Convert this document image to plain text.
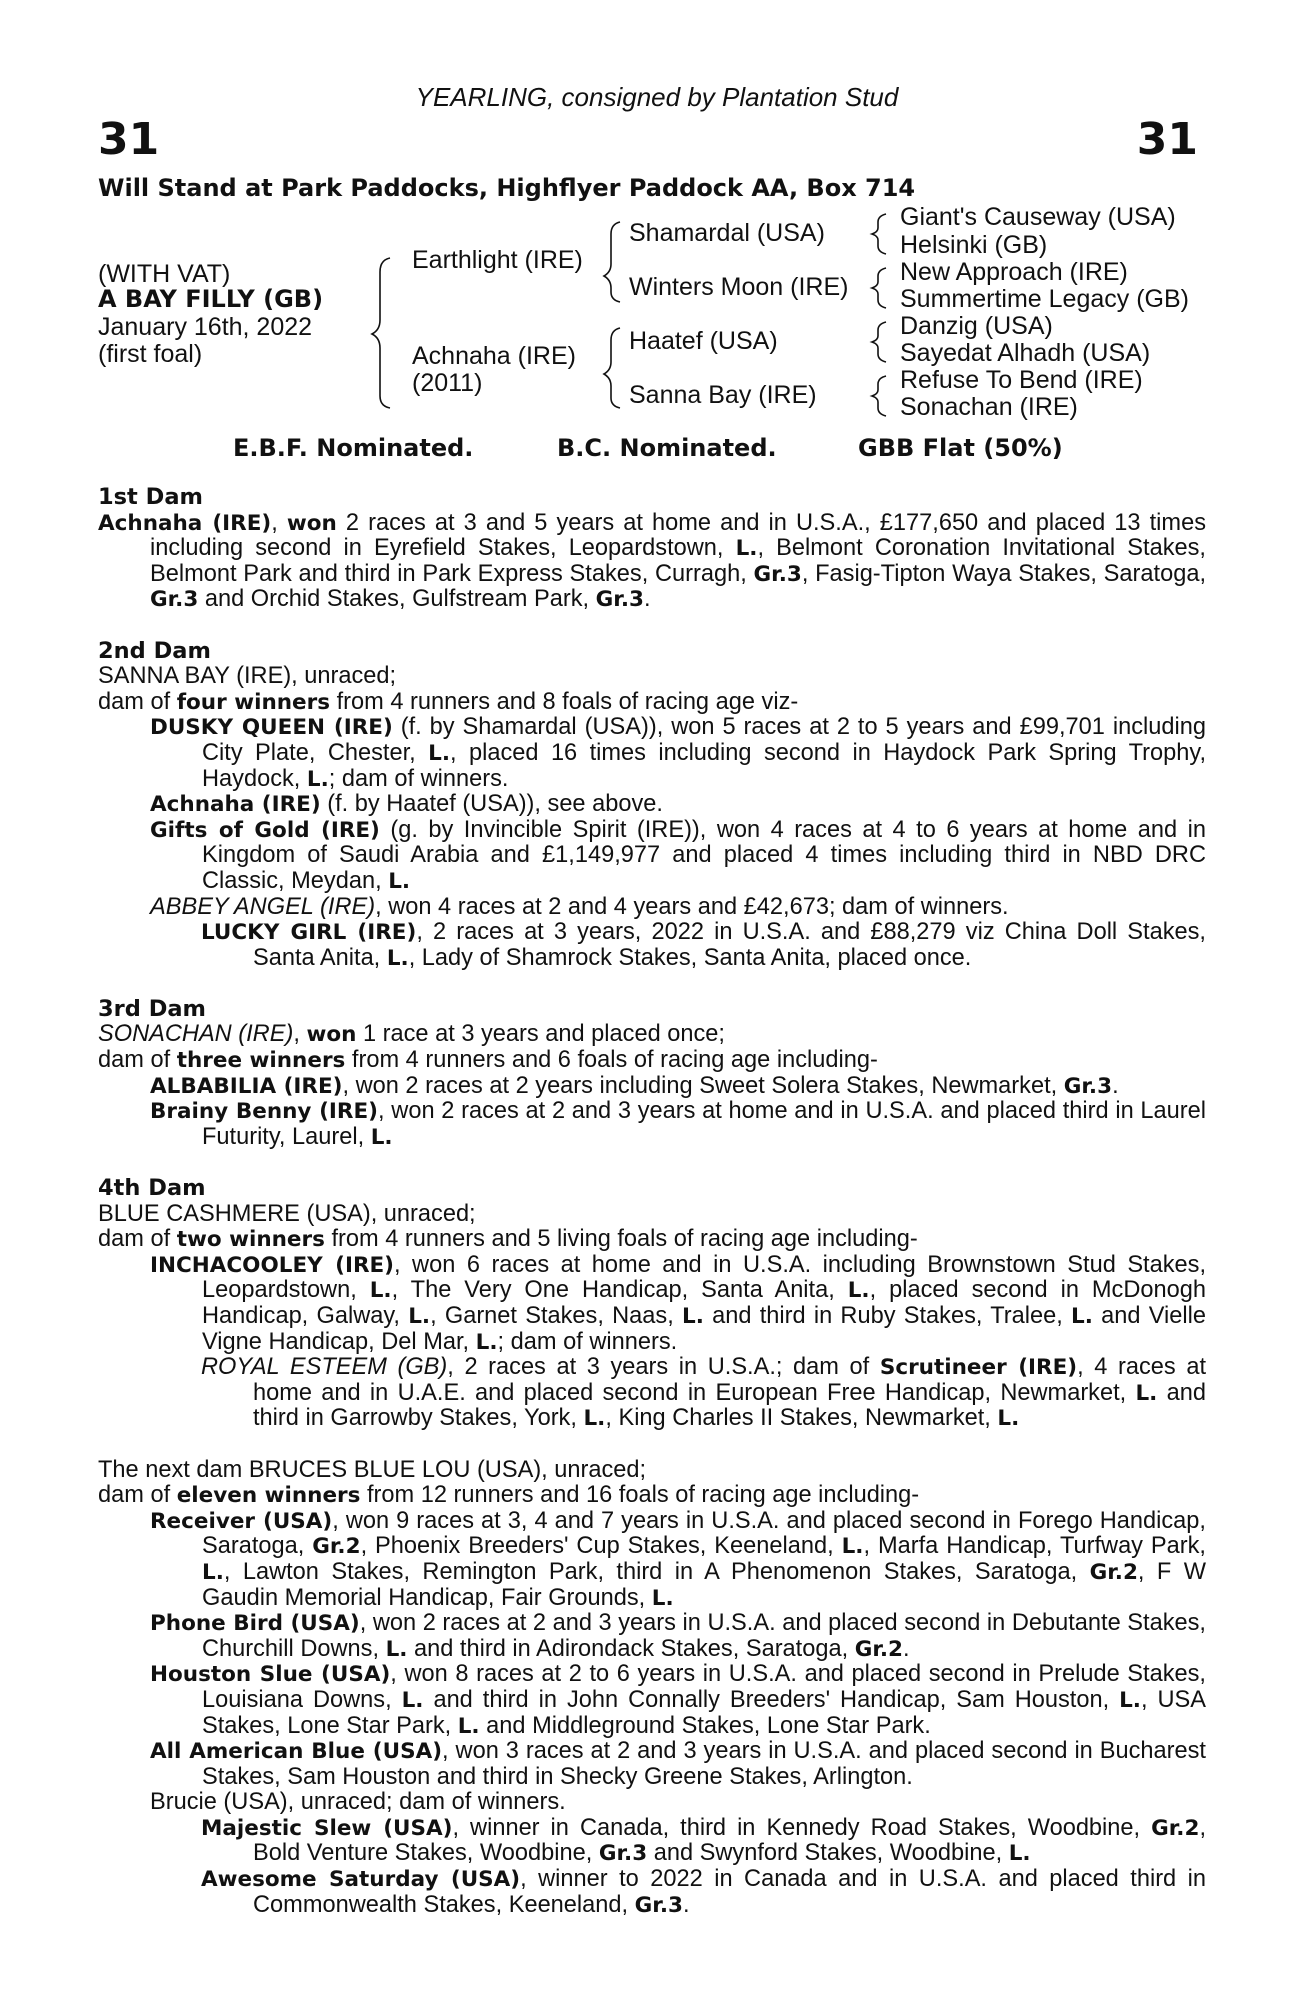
YEARLING, consigned by Plantation Stud
31	31
Will Stand at Park Paddocks, Highflyer Paddock AA, Box 714
(WITH VAT)
A BAY FILLY (GB)
January 16th, 2022
(first foal)
Earthlight (IRE)
Achnaha (IRE)
(2011)
Shamardal (USA)
Winters Moon (IRE)
Haatef (USA)
Sanna Bay (IRE)
Giant's Causeway (USA)
Helsinki (GB)
New Approach (IRE)
Summertime Legacy (GB)
Danzig (USA)
Sayedat Alhadh (USA)
Refuse To Bend (IRE)
Sonachan (IRE)
E.B.F. Nominated.	B.C. Nominated.	GBB Flat (50%)

1st Dam

Achnaha (IRE), won 2 races at 3 and 5 years at home and in U.S.A., £177,650 and placed 13 times including second in Eyrefield Stakes, Leopardstown, L., Belmont Coronation Invitational Stakes, Belmont Park and third in Park Express Stakes, Curragh, Gr.3, Fasig-Tipton Waya Stakes, Saratoga, Gr.3 and Orchid Stakes, Gulfstream Park, Gr.3.

2nd Dam

SANNA BAY (IRE), unraced;

dam of four winners from 4 runners and 8 foals of racing age viz-

DUSKY QUEEN (IRE) (f. by Shamardal (USA)), won 5 races at 2 to 5 years and £99,701 including City Plate, Chester, L., placed 16 times including second in Haydock Park Spring Trophy, Haydock, L.; dam of winners.

Achnaha (IRE) (f. by Haatef (USA)), see above.

Gifts of Gold (IRE) (g. by Invincible Spirit (IRE)), won 4 races at 4 to 6 years at home and in Kingdom of Saudi Arabia and £1,149,977 and placed 4 times including third in NBD DRC Classic, Meydan, L.

ABBEY ANGEL (IRE), won 4 races at 2 and 4 years and £42,673; dam of winners.

LUCKY GIRL (IRE), 2 races at 3 years, 2022 in U.S.A. and £88,279 viz China Doll Stakes, Santa Anita, L., Lady of Shamrock Stakes, Santa Anita, placed once.

3rd Dam

SONACHAN (IRE), won 1 race at 3 years and placed once;

dam of three winners from 4 runners and 6 foals of racing age including-

ALBABILIA (IRE), won 2 races at 2 years including Sweet Solera Stakes, Newmarket, Gr.3.

Brainy Benny (IRE), won 2 races at 2 and 3 years at home and in U.S.A. and placed third in Laurel Futurity, Laurel, L.

4th Dam

BLUE CASHMERE (USA), unraced;

dam of two winners from 4 runners and 5 living foals of racing age including-

INCHACOOLEY (IRE), won 6 races at home and in U.S.A. including Brownstown Stud Stakes, Leopardstown, L., The Very One Handicap, Santa Anita, L., placed second in McDonogh Handicap, Galway, L., Garnet Stakes, Naas, L. and third in Ruby Stakes, Tralee, L. and Vielle Vigne Handicap, Del Mar, L.; dam of winners.

ROYAL ESTEEM (GB), 2 races at 3 years in U.S.A.; dam of Scrutineer (IRE), 4 races at home and in U.A.E. and placed second in European Free Handicap, Newmarket, L. and third in Garrowby Stakes, York, L., King Charles II Stakes, Newmarket, L.

The next dam BRUCES BLUE LOU (USA), unraced;

dam of eleven winners from 12 runners and 16 foals of racing age including-

Receiver (USA), won 9 races at 3, 4 and 7 years in U.S.A. and placed second in Forego Handicap, Saratoga, Gr.2, Phoenix Breeders' Cup Stakes, Keeneland, L., Marfa Handicap, Turfway Park, L., Lawton Stakes, Remington Park, third in A Phenomenon Stakes, Saratoga, Gr.2, F W Gaudin Memorial Handicap, Fair Grounds, L.

Phone Bird (USA), won 2 races at 2 and 3 years in U.S.A. and placed second in Debutante Stakes, Churchill Downs, L. and third in Adirondack Stakes, Saratoga, Gr.2.

Houston Slue (USA), won 8 races at 2 to 6 years in U.S.A. and placed second in Prelude Stakes, Louisiana Downs, L. and third in John Connally Breeders' Handicap, Sam Houston, L., USA Stakes, Lone Star Park, L. and Middleground Stakes, Lone Star Park.

All American Blue (USA), won 3 races at 2 and 3 years in U.S.A. and placed second in Bucharest Stakes, Sam Houston and third in Shecky Greene Stakes, Arlington.

Brucie (USA), unraced; dam of winners.

Majestic Slew (USA), winner in Canada, third in Kennedy Road Stakes, Woodbine, Gr.2, Bold Venture Stakes, Woodbine, Gr.3 and Swynford Stakes, Woodbine, L.

Awesome Saturday (USA), winner to 2022 in Canada and in U.S.A. and placed third in Commonwealth Stakes, Keeneland, Gr.3.
